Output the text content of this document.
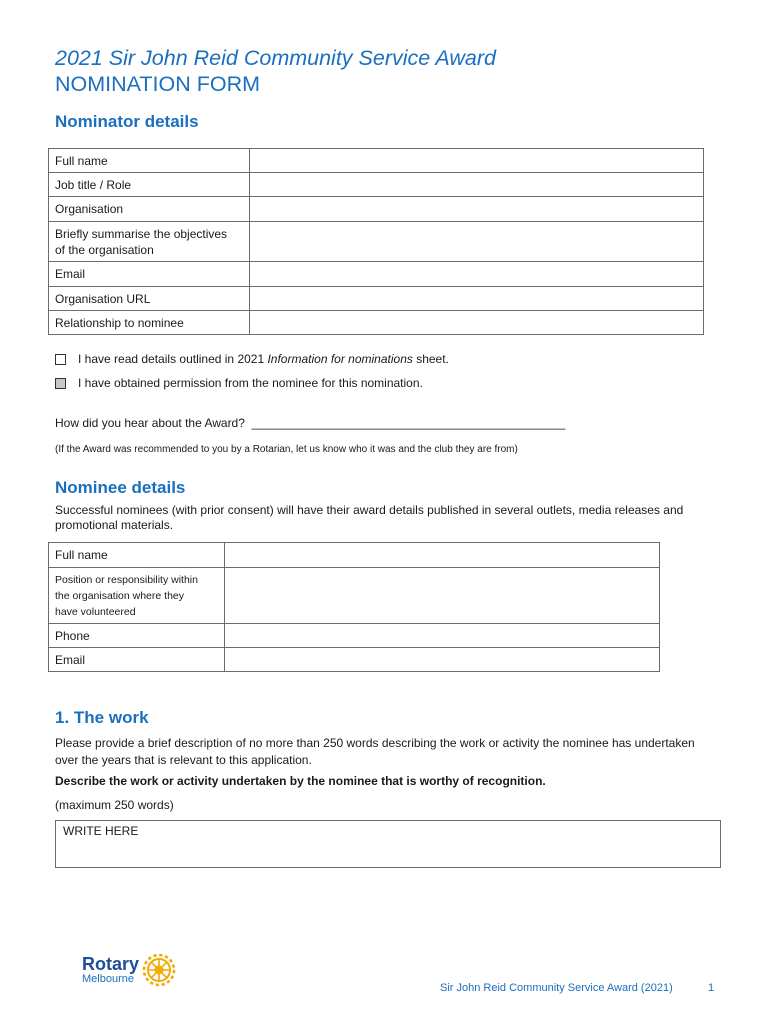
2021 Sir John Reid Community Service Award
NOMINATION FORM
Nominator details
Full name	
Job title / Role	
Organisation	
Briefly summarise the objectives
of the organisation	
Email	
Organisation URL	
Relationship to nominee	
I have read details outlined in 2021 Information for nominations sheet.
I have obtained permission from the nominee for this nomination.

How did you hear about the Award? _______________________________________________

(If the Award was recommended to you by a Rotarian, let us know who it was and the club they are from)

Nominee details

Successful nominees (with prior consent) will have their award details published in several outlets, media releases and promotional materials.

Full name	
Position or responsibility within
the organisation where they
have volunteered	
Phone	
Email	
1. The work

Please provide a brief description of no more than 250 words describing the work or activity the nominee has undertaken over the years that is relevant to this application.

Describe the work or activity undertaken by the nominee that is worthy of recognition.

(maximum 250 words)

WRITE HERE
Rotary
Melbourne
Sir John Reid Community Service Award (2021)	1
